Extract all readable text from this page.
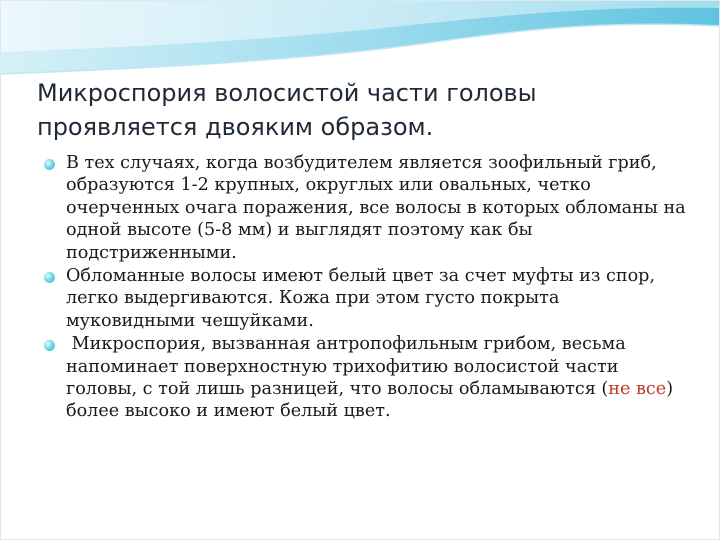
Микроспория волосистой части головы проявляется двояким образом.
В тех случаях, когда возбудителем является зоофильный гриб, образуются 1-2 крупных, округлых или овальных, четко очерченных очага поражения, все волосы в которых обломаны на одной высоте (5-8 мм) и выглядят поэтому как бы подстриженными.
Обломанные волосы имеют белый цвет за счет муфты из спор, легко выдергиваются. Кожа при этом густо покрыта муковидными чешуйками.
Микроспория, вызванная антропофильным грибом, весьма напоминает поверхностную трихофитию волосистой части головы, с той лишь разницей, что волосы обламываются (не все) более высоко и имеют белый цвет.
